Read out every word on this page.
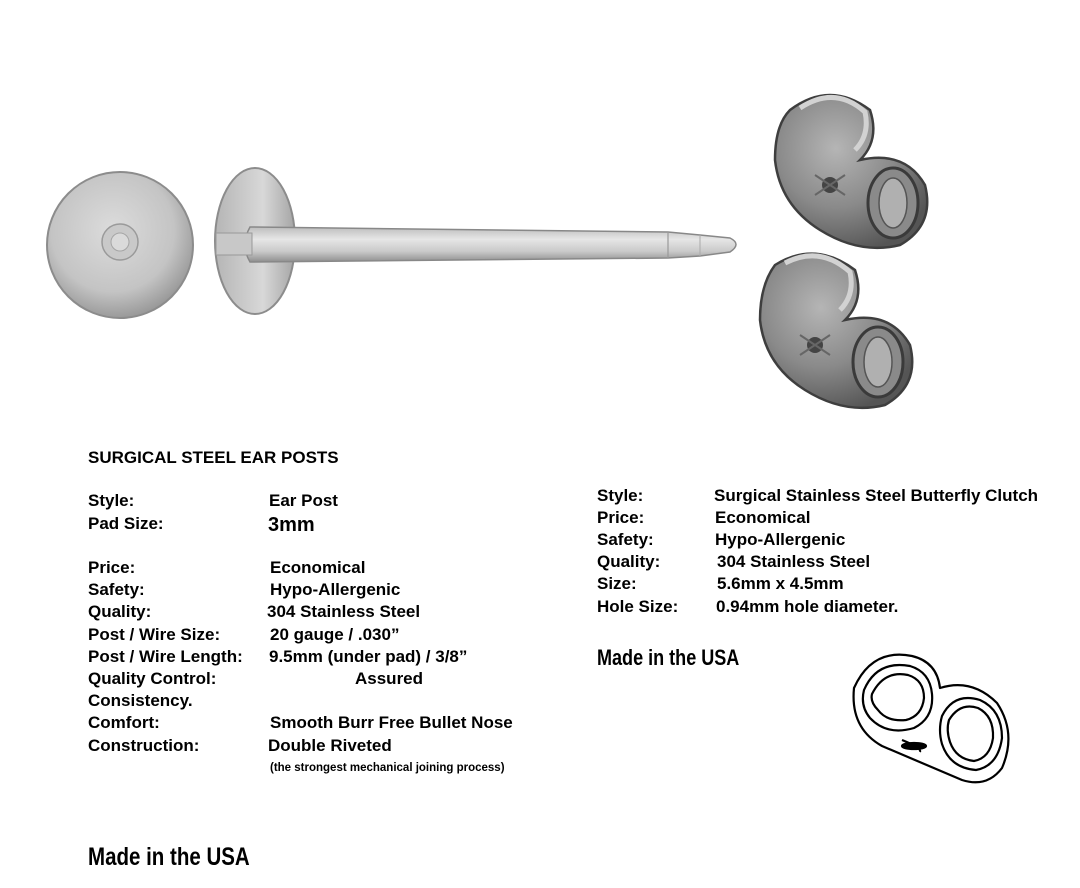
SURGICAL STEEL EAR POSTS
Style:	Ear Post
Pad Size:	3mm
Price:	Economical
Safety:	Hypo-Allergenic
Quality:	304 Stainless Steel
Post / Wire Size:	20 gauge / .030”
Post / Wire Length: 9.5mm (under pad) / 3/8”
Quality Control:	Assured
Consistency.
Comfort:	Smooth Burr Free Bullet Nose
Construction:	Double Riveted
(the strongest mechanical joining process)
Made in the USA
Style:	Surgical Stainless Steel Butterfly Clutch
Price:	Economical
Safety:	Hypo-Allergenic
Quality:	304 Stainless Steel
Size:	5.6mm x 4.5mm
Hole Size: 0.94mm hole diameter.
Made in the USA
